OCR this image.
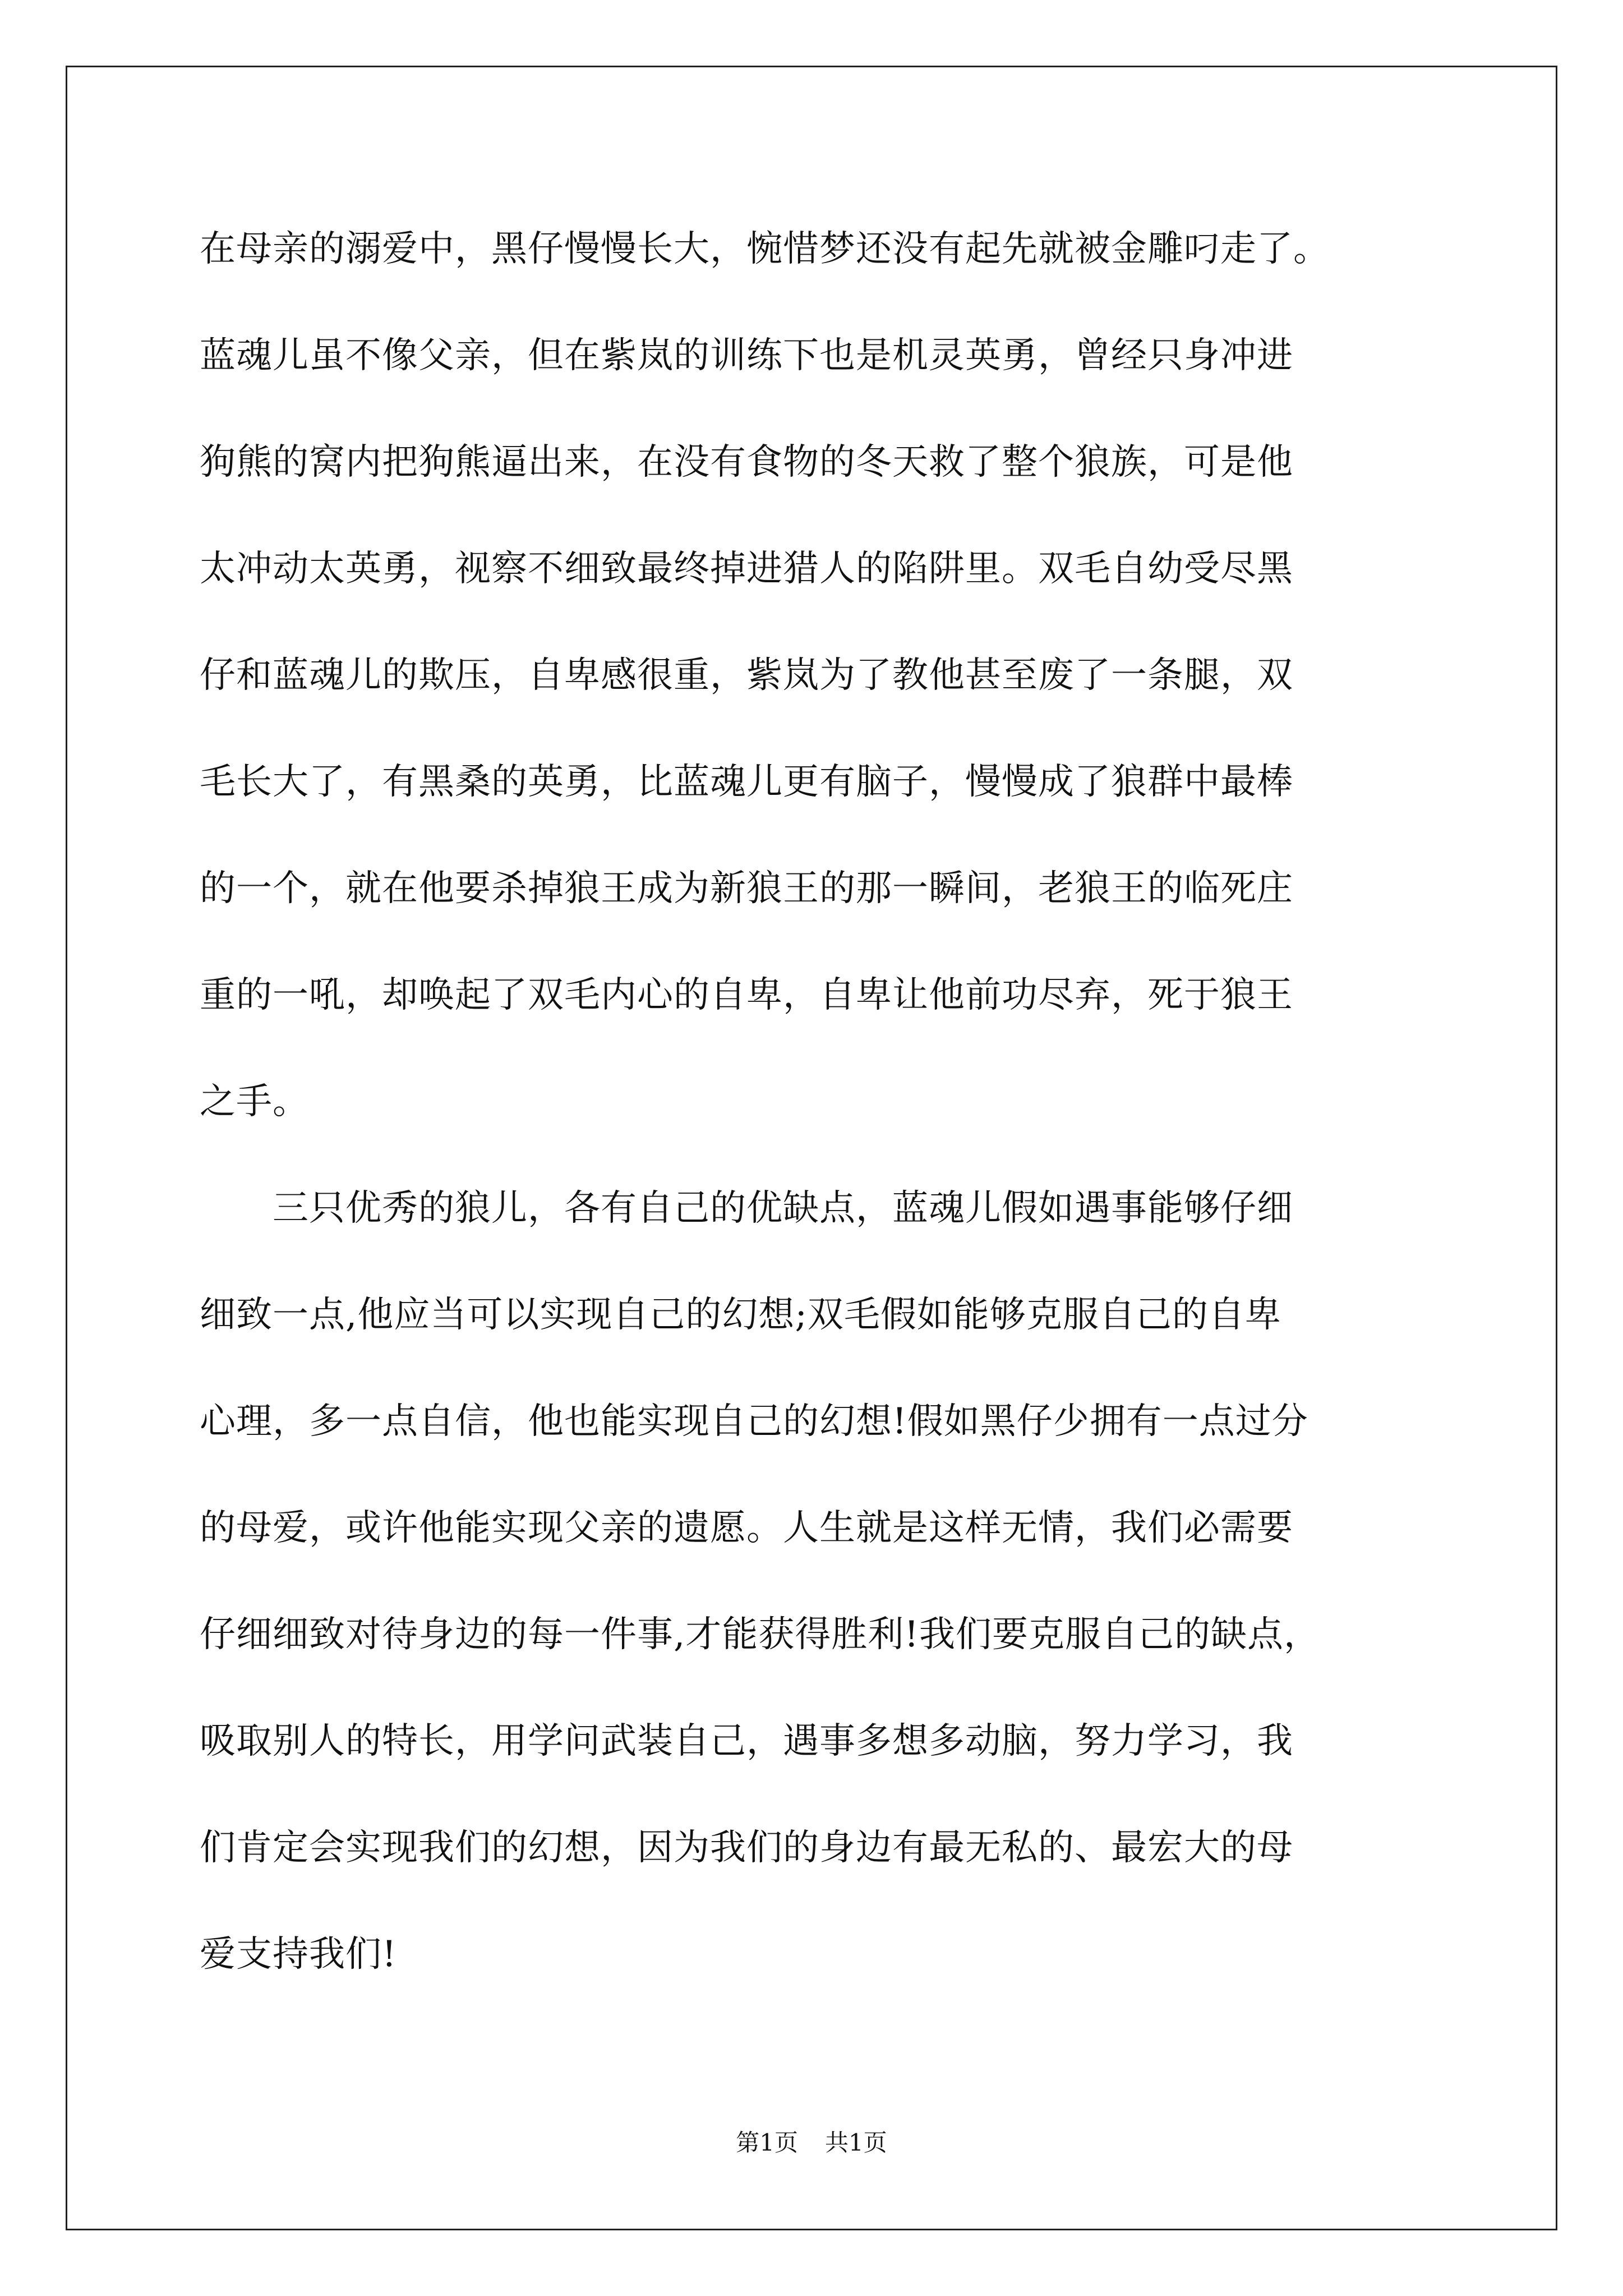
在母亲的溺爱中，黑仔慢慢长大，惋惜梦还没有起先就被金雕叼走了。
蓝魂儿虽不像父亲，但在紫岚的训练下也是机灵英勇，曾经只身冲进
狗熊的窝内把狗熊逼出来，在没有食物的冬天救了整个狼族，可是他
太冲动太英勇，视察不细致最终掉进猎人的陷阱里。双毛自幼受尽黑
仔和蓝魂儿的欺压，自卑感很重，紫岚为了教他甚至废了一条腿，双
毛长大了，有黑桑的英勇，比蓝魂儿更有脑子，慢慢成了狼群中最棒
的一个，就在他要杀掉狼王成为新狼王的那一瞬间，老狼王的临死庄
重的一吼，却唤起了双毛内心的自卑，自卑让他前功尽弃，死于狼王
之手。
　　三只优秀的狼儿，各有自己的优缺点，蓝魂儿假如遇事能够仔细
细致一点,他应当可以实现自己的幻想;双毛假如能够克服自己的自卑
心理，多一点自信，他也能实现自己的幻想!假如黑仔少拥有一点过分
的母爱，或许他能实现父亲的遗愿。人生就是这样无情，我们必需要
仔细细致对待身边的每一件事,才能获得胜利!我们要克服自己的缺点，
吸取别人的特长，用学问武装自己，遇事多想多动脑，努力学习，我
们肯定会实现我们的幻想，因为我们的身边有最无私的、最宏大的母
爱支持我们!
第1页 共1页
